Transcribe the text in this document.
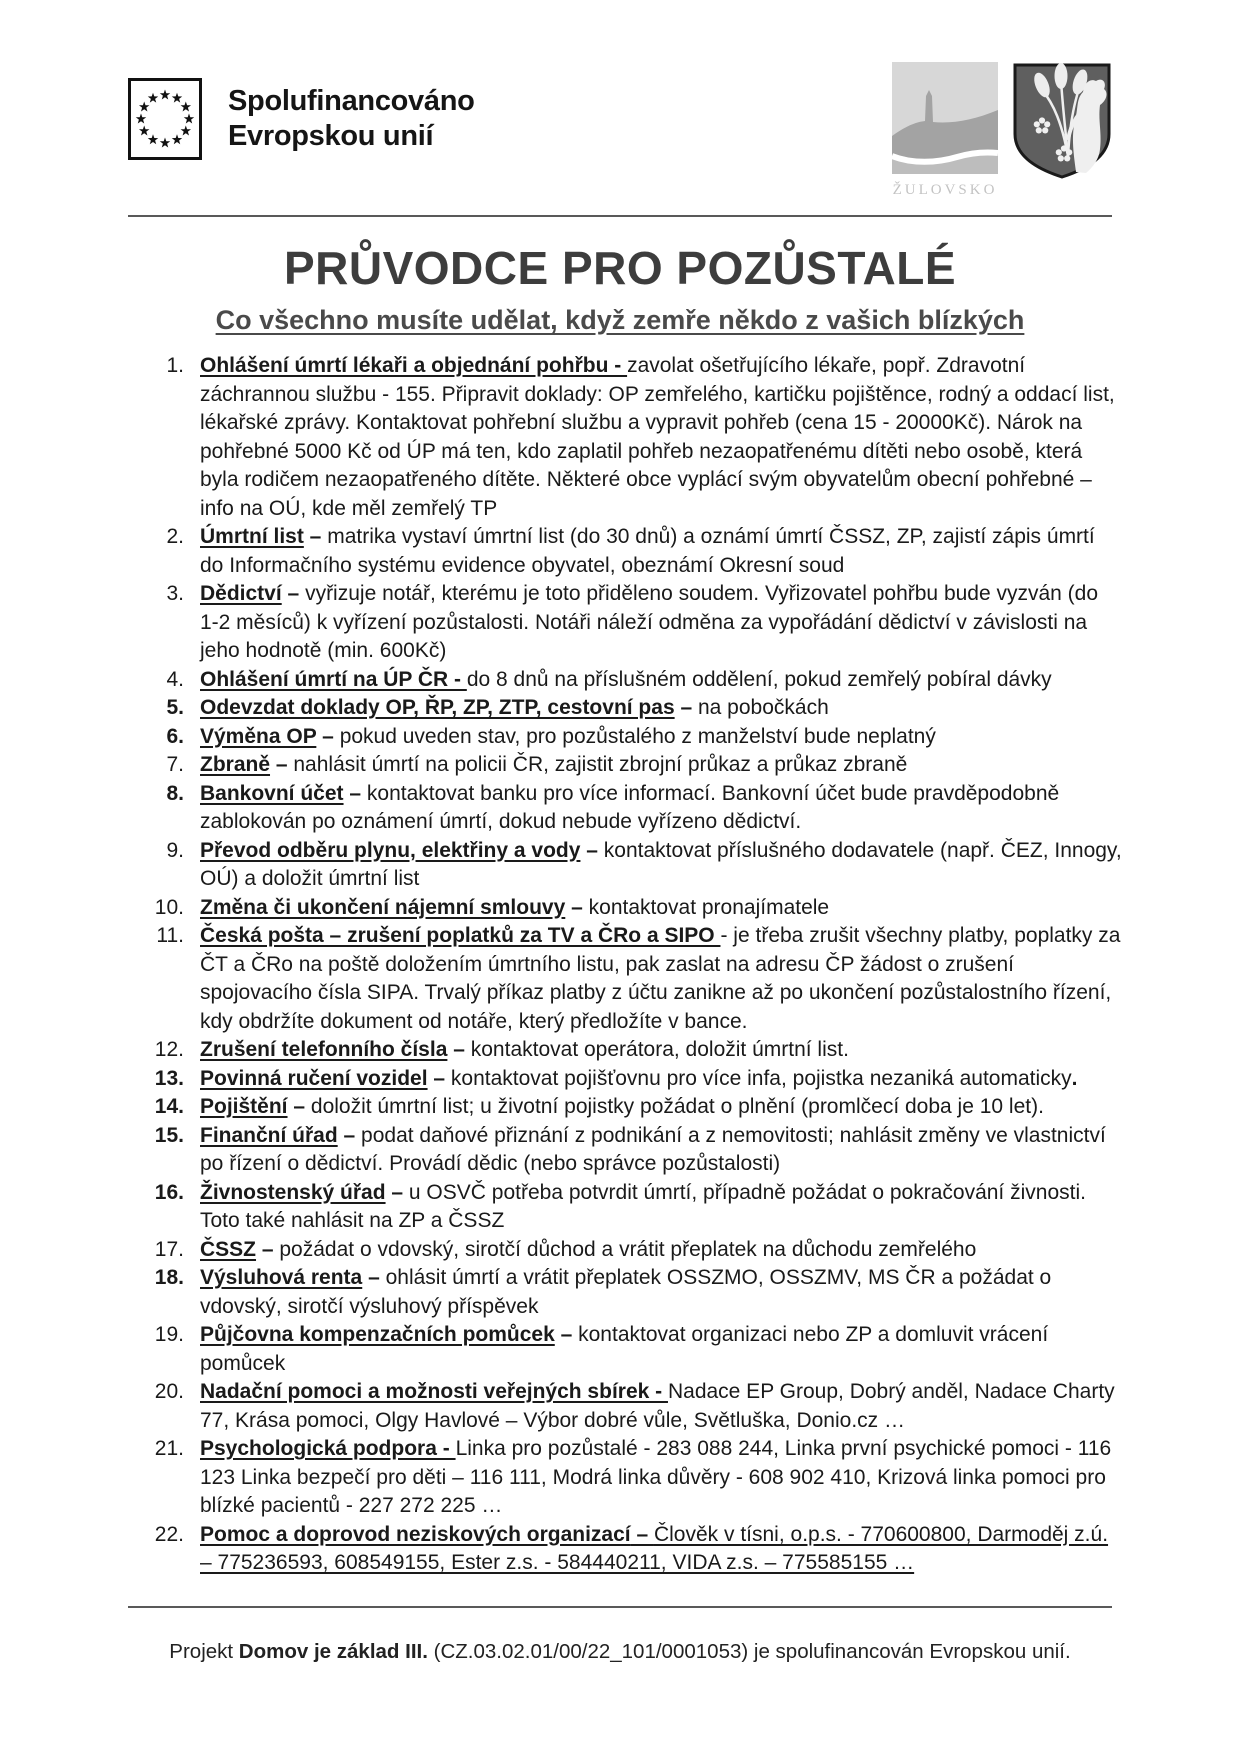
Spolufinancováno
Evropskou unií
ŽULOVSKO
PRŮVODCE PRO POZŮSTALÉ
Co všechno musíte udělat, když zemře někdo z vašich blízkých
1. Ohlášení úmrtí lékaři a objednání pohřbu - zavolat ošetřujícího lékaře, popř. Zdravotní záchrannou službu - 155. Připravit doklady: OP zemřelého, kartičku pojištěnce, rodný a oddací list, lékařské zprávy. Kontaktovat pohřební službu a vypravit pohřeb (cena 15 - 20000Kč). Nárok na pohřebné 5000 Kč od ÚP má ten, kdo zaplatil pohřeb nezaopatřenému dítěti nebo osobě, která byla rodičem nezaopatřeného dítěte. Některé obce vyplácí svým obyvatelům obecní pohřebné – info na OÚ, kde měl zemřelý TP

2. Úmrtní list – matrika vystaví úmrtní list (do 30 dnů) a oznámí úmrtí ČSSZ, ZP, zajistí zápis úmrtí do Informačního systému evidence obyvatel, obeznámí Okresní soud

3. Dědictví – vyřizuje notář, kterému je toto přiděleno soudem. Vyřizovatel pohřbu bude vyzván (do 1-2 měsíců) k vyřízení pozůstalosti. Notáři náleží odměna za vypořádání dědictví v závislosti na jeho hodnotě (min. 600Kč)

4. Ohlášení úmrtí na ÚP ČR - do 8 dnů na příslušném oddělení, pokud zemřelý pobíral dávky

5. Odevzdat doklady OP, ŘP, ZP, ZTP, cestovní pas – na pobočkách

6. Výměna OP – pokud uveden stav, pro pozůstalého z manželství bude neplatný

7. Zbraně – nahlásit úmrtí na policii ČR, zajistit zbrojní průkaz a průkaz zbraně

8. Bankovní účet – kontaktovat banku pro více informací. Bankovní účet bude pravděpodobně zablokován po oznámení úmrtí, dokud nebude vyřízeno dědictví.

9. Převod odběru plynu, elektřiny a vody – kontaktovat příslušného dodavatele (např. ČEZ, Innogy, OÚ) a doložit úmrtní list

10. Změna či ukončení nájemní smlouvy – kontaktovat pronajímatele

11. Česká pošta – zrušení poplatků za TV a ČRo a SIPO - je třeba zrušit všechny platby, poplatky za ČT a ČRo na poště doložením úmrtního listu, pak zaslat na adresu ČP žádost o zrušení spojovacího čísla SIPA. Trvalý příkaz platby z účtu zanikne až po ukončení pozůstalostního řízení, kdy obdržíte dokument od notáře, který předložíte v bance.

12. Zrušení telefonního čísla – kontaktovat operátora, doložit úmrtní list.

13. Povinná ručení vozidel – kontaktovat pojišťovnu pro více infa, pojistka nezaniká automaticky.

14. Pojištění – doložit úmrtní list; u životní pojistky požádat o plnění (promlčecí doba je 10 let).

15. Finanční úřad – podat daňové přiznání z podnikání a z nemovitosti; nahlásit změny ve vlastnictví po řízení o dědictví. Provádí dědic (nebo správce pozůstalosti)

16. Živnostenský úřad – u OSVČ potřeba potvrdit úmrtí, případně požádat o pokračování živnosti. Toto také nahlásit na ZP a ČSSZ

17. ČSSZ – požádat o vdovský, sirotčí důchod a vrátit přeplatek na důchodu zemřelého

18. Výsluhová renta – ohlásit úmrtí a vrátit přeplatek OSSZMO, OSSZMV, MS ČR a požádat o vdovský, sirotčí výsluhový příspěvek

19. Půjčovna kompenzačních pomůcek – kontaktovat organizaci nebo ZP a domluvit vrácení pomůcek

20. Nadační pomoci a možnosti veřejných sbírek - Nadace EP Group, Dobrý anděl, Nadace Charty 77, Krása pomoci, Olgy Havlové – Výbor dobré vůle, Světluška, Donio.cz …

21. Psychologická podpora - Linka pro pozůstalé - 283 088 244, Linka první psychické pomoci - 116 123 Linka bezpečí pro děti – 116 111, Modrá linka důvěry - 608 902 410, Krizová linka pomoci pro blízké pacientů - 227 272 225 …

22. Pomoc a doprovod neziskových organizací – Člověk v tísni, o.p.s. - 770600800, Darmoděj z.ú. – 775236593, 608549155, Ester z.s. - 584440211, VIDA z.s. – 775585155 …

Projekt Domov je základ III. (CZ.03.02.01/00/22_101/0001053) je spolufinancován Evropskou unií.
